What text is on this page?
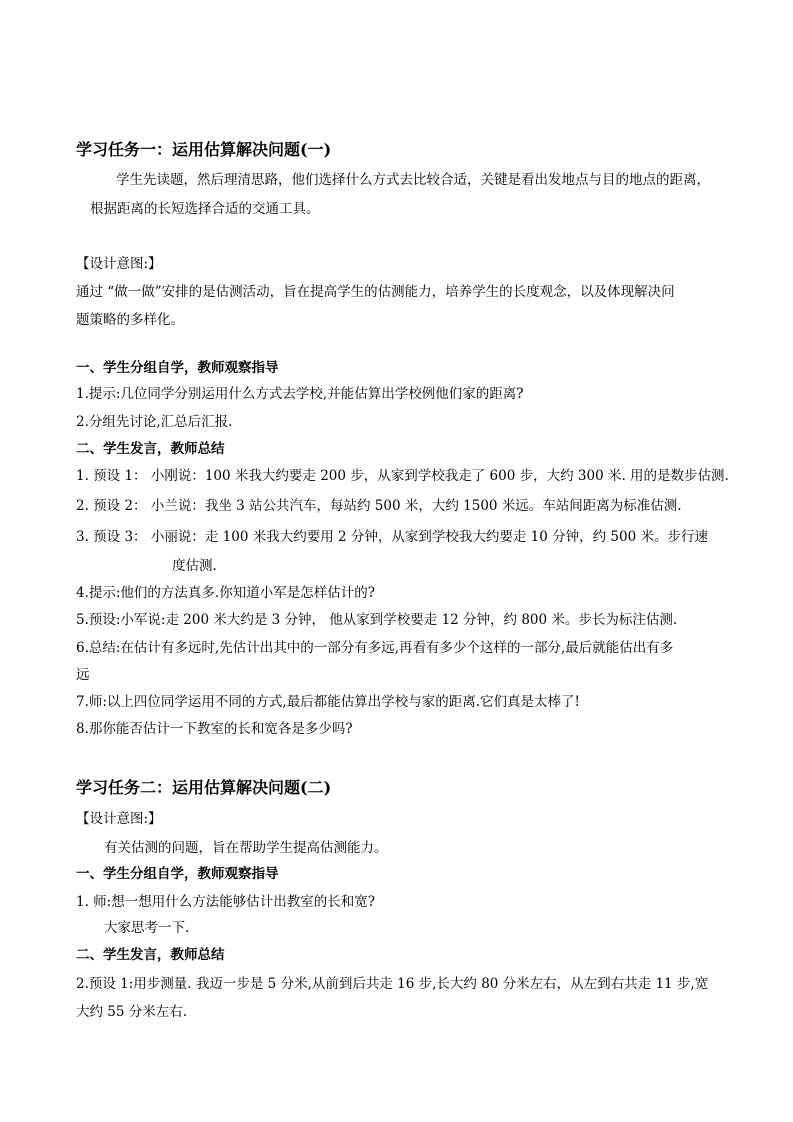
学习任务一：运用估算解决问题(一)
学生先读题，然后理清思路，他们选择什么方式去比较合适，关键是看出发地点与目的地点的距离，
根据距离的长短选择合适的交通工具。
【设计意图:】
通过 “做一做”安排的是估测活动，旨在提高学生的估测能力，培养学生的长度观念，以及体现解决问
题策略的多样化。
一、学生分组自学，教师观察指导
1.提示:几位同学分别运用什么方式去学校,并能估算出学校例他们家的距离?
2.分组先讨论,汇总后汇报.
二、学生发言，教师总结
1. 预设 1： 小刚说：100 米我大约要走 200 步，从家到学校我走了 600 步，大约 300 米. 用的是数步估测.
2. 预设 2： 小兰说：我坐 3 站公共汽车，每站约 500 米，大约 1500 米远。车站间距离为标准估测.
3. 预设 3： 小丽说：走 100 米我大约要用 2 分钟，从家到学校我大约要走 10 分钟，约 500 米。步行速
度估测.
4.提示:他们的方法真多.你知道小军是怎样估计的?
5.预设:小军说:走 200 米大约是 3 分钟， 他从家到学校要走 12 分钟，约 800 米。步长为标注估测.
6.总结:在估计有多远时,先估计出其中的一部分有多远,再看有多少个这样的一部分,最后就能估出有多
远
7.师:以上四位同学运用不同的方式,最后都能估算出学校与家的距离.它们真是太棒了!
8.那你能否估计一下教室的长和宽各是多少吗?
学习任务二：运用估算解决问题(二)
【设计意图:】
有关估测的问题，旨在帮助学生提高估测能力。
一、学生分组自学，教师观察指导
1. 师:想一想用什么方法能够估计出教室的长和宽?
大家思考一下.
二、学生发言，教师总结
2.预设 1:用步测量. 我迈一步是 5 分米,从前到后共走 16 步,长大约 80 分米左右，从左到右共走 11 步,宽
大约 55 分米左右.
